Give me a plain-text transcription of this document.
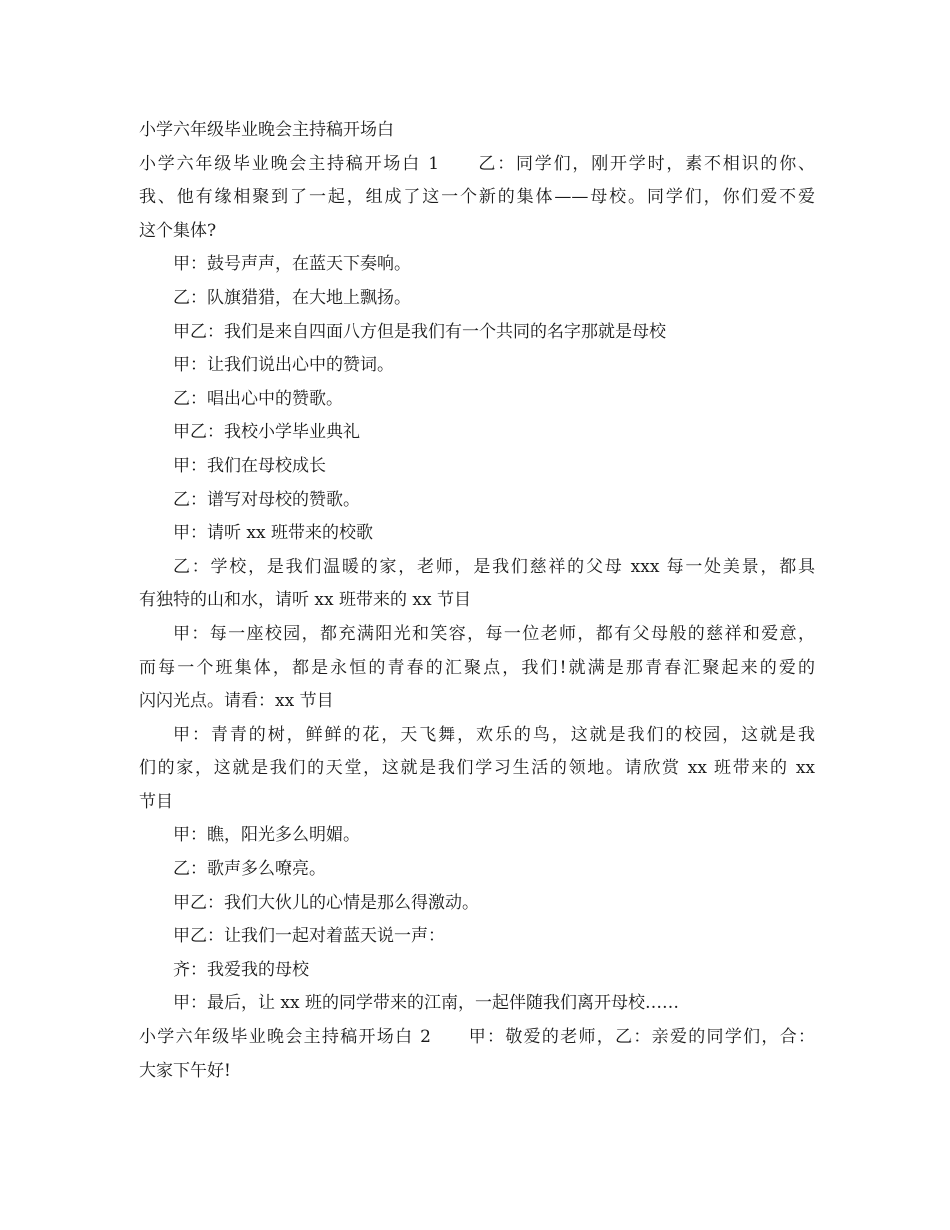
小学六年级毕业晚会主持稿开场白
小学六年级毕业晚会主持稿开场白 1　　乙：同学们，刚开学时，素不相识的你、
我、他有缘相聚到了一起，组成了这一个新的集体——母校。同学们，你们爱不爱
这个集体?
甲：鼓号声声，在蓝天下奏响。
乙：队旗猎猎，在大地上飘扬。
甲乙：我们是来自四面八方但是我们有一个共同的名字那就是母校
甲：让我们说出心中的赞词。
乙：唱出心中的赞歌。
甲乙：我校小学毕业典礼
甲：我们在母校成长
乙：谱写对母校的赞歌。
甲：请听 xx 班带来的校歌
乙：学校，是我们温暖的家，老师，是我们慈祥的父母 xxx 每一处美景，都具
有独特的山和水，请听 xx 班带来的 xx 节目
甲：每一座校园，都充满阳光和笑容，每一位老师，都有父母般的慈祥和爱意，
而每一个班集体，都是永恒的青春的汇聚点，我们!就满是那青春汇聚起来的爱的
闪闪光点。请看：xx 节目
甲：青青的树，鲜鲜的花，天飞舞，欢乐的鸟，这就是我们的校园，这就是我
们的家，这就是我们的天堂，这就是我们学习生活的领地。请欣赏 xx 班带来的 xx
节目
甲：瞧，阳光多么明媚。
乙：歌声多么嘹亮。
甲乙：我们大伙儿的心情是那么得激动。
甲乙：让我们一起对着蓝天说一声：
齐：我爱我的母校
甲：最后，让 xx 班的同学带来的江南，一起伴随我们离开母校……
小学六年级毕业晚会主持稿开场白 2　　甲：敬爱的老师，乙：亲爱的同学们，合：
大家下午好!
